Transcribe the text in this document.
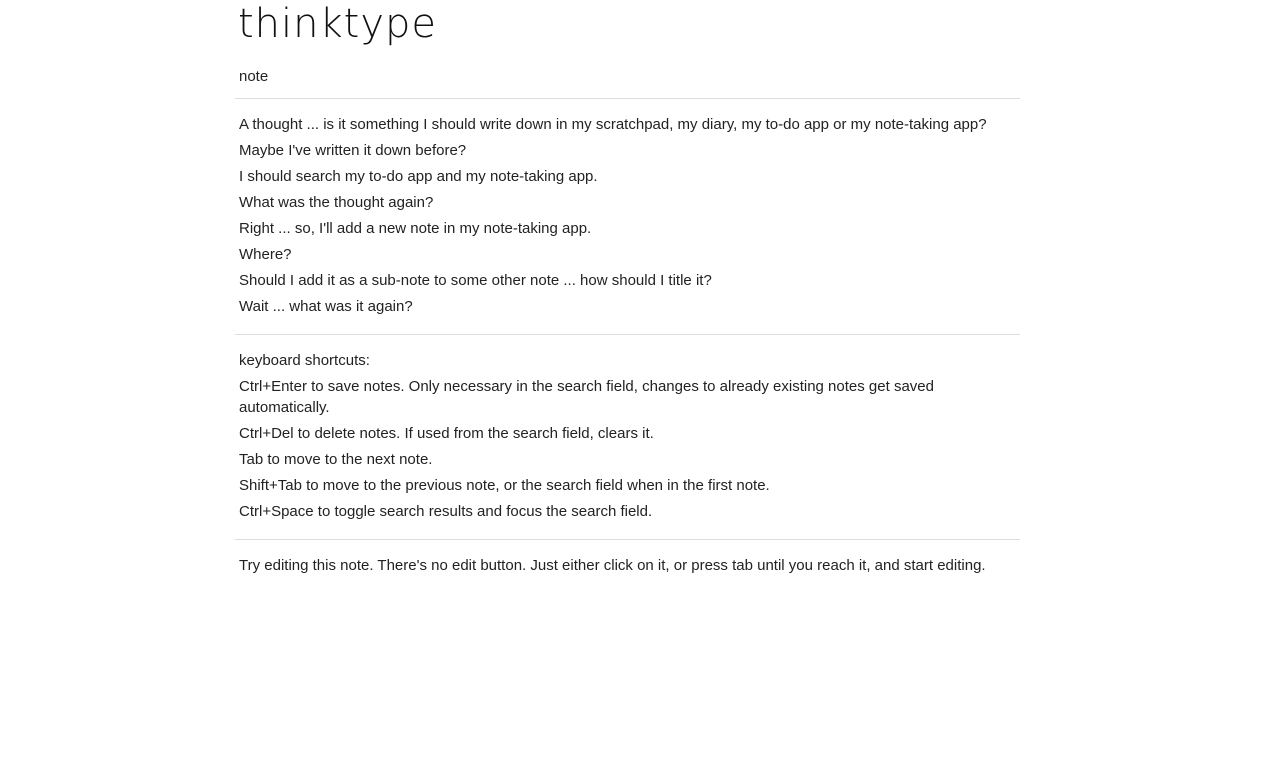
thinktype
note
A thought ... is it something I should write down in my scratchpad, my diary, my to-do app or my note-taking app?
Maybe I've written it down before?
I should search my to-do app and my note-taking app.
What was the thought again?
Right ... so, I'll add a new note in my note-taking app.
Where?
Should I add it as a sub-note to some other note ... how should I title it?
Wait ... what was it again?
keyboard shortcuts:
Ctrl+Enter to save notes. Only necessary in the search field, changes to already existing notes get saved automatically.
Ctrl+Del to delete notes. If used from the search field, clears it.
Tab to move to the next note.
Shift+Tab to move to the previous note, or the search field when in the first note.
Ctrl+Space to toggle search results and focus the search field.
Try editing this note. There's no edit button. Just either click on it, or press tab until you reach it, and start editing.
